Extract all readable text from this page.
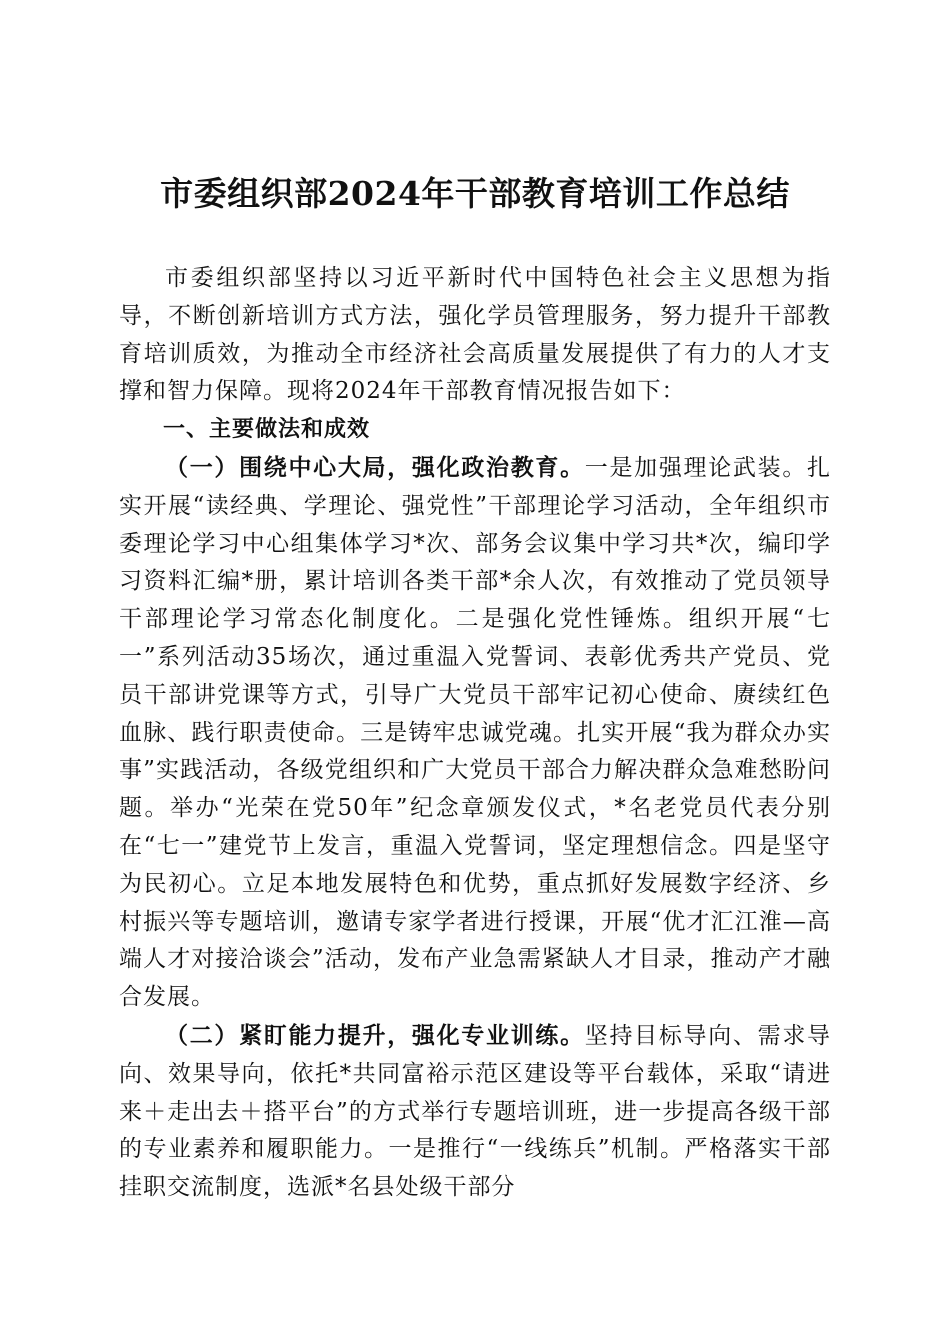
市委组织部2024年干部教育培训工作总结

市委组织部坚持以习近平新时代中国特色社会主义思想为指导，不断创新培训方式方法，强化学员管理服务，努力提升干部教育培训质效，为推动全市经济社会高质量发展提供了有力的人才支撑和智力保障。现将2024年干部教育情况报告如下：

一、主要做法和成效

（一）围绕中心大局，强化政治教育。一是加强理论武装。扎实开展“读经典、学理论、强党性”干部理论学习活动，全年组织市委理论学习中心组集体学习*次、部务会议集中学习共*次，编印学习资料汇编*册，累计培训各类干部*余人次，有效推动了党员领导干部理论学习常态化制度化。二是强化党性锤炼。组织开展“七一”系列活动35场次，通过重温入党誓词、表彰优秀共产党员、党员干部讲党课等方式，引导广大党员干部牢记初心使命、赓续红色血脉、践行职责使命。三是铸牢忠诚党魂。扎实开展“我为群众办实事”实践活动，各级党组织和广大党员干部合力解决群众急难愁盼问题。举办“光荣在党50年”纪念章颁发仪式，*名老党员代表分别在“七一”建党节上发言，重温入党誓词，坚定理想信念。四是坚守为民初心。立足本地发展特色和优势，重点抓好发展数字经济、乡村振兴等专题培训，邀请专家学者进行授课，开展“优才汇江淮—高端人才对接洽谈会”活动，发布产业急需紧缺人才目录，推动产才融合发展。

（二）紧盯能力提升，强化专业训练。坚持目标导向、需求导向、效果导向，依托*共同富裕示范区建设等平台载体，采取“请进来＋走出去＋搭平台”的方式举行专题培训班，进一步提高各级干部的专业素养和履职能力。一是推行“一线练兵”机制。严格落实干部挂职交流制度，选派*名县处级干部分
